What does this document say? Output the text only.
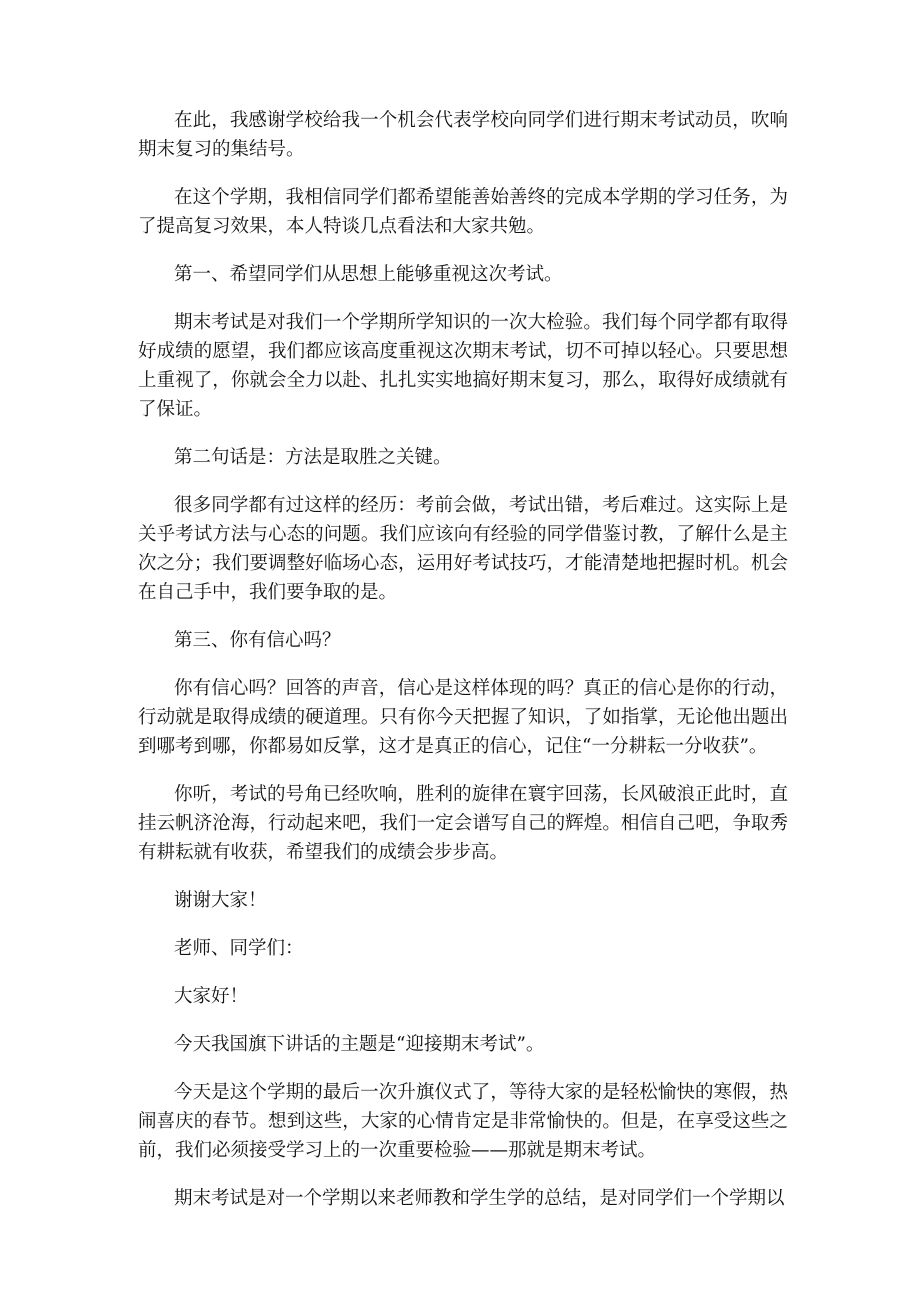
在此，我感谢学校给我一个机会代表学校向同学们进行期末考试动员，吹响期末复习的集结号。

在这个学期，我相信同学们都希望能善始善终的完成本学期的学习任务，为了提高复习效果，本人特谈几点看法和大家共勉。

第一、希望同学们从思想上能够重视这次考试。

期末考试是对我们一个学期所学知识的一次大检验。我们每个同学都有取得好成绩的愿望，我们都应该高度重视这次期末考试，切不可掉以轻心。只要思想上重视了，你就会全力以赴、扎扎实实地搞好期末复习，那么，取得好成绩就有了保证。

第二句话是：方法是取胜之关键。

很多同学都有过这样的经历：考前会做，考试出错，考后难过。这实际上是关乎考试方法与心态的问题。我们应该向有经验的同学借鉴讨教，了解什么是主次之分；我们要调整好临场心态，运用好考试技巧，才能清楚地把握时机。机会在自己手中，我们要争取的是。

第三、你有信心吗？

你有信心吗？回答的声音，信心是这样体现的吗？真正的信心是你的行动，行动就是取得成绩的硬道理。只有你今天把握了知识，了如指掌，无论他出题出到哪考到哪，你都易如反掌，这才是真正的信心，记住“一分耕耘一分收获”。

你听，考试的号角已经吹响，胜利的旋律在寰宇回荡，长风破浪正此时，直挂云帆济沧海，行动起来吧，我们一定会谱写自己的辉煌。相信自己吧，争取秀有耕耘就有收获，希望我们的成绩会步步高。

谢谢大家！

老师、同学们：

大家好！

今天我国旗下讲话的主题是“迎接期末考试”。

今天是这个学期的最后一次升旗仪式了，等待大家的是轻松愉快的寒假，热闹喜庆的春节。想到这些，大家的心情肯定是非常愉快的。但是，在享受这些之前，我们必须接受学习上的一次重要检验——那就是期末考试。

期末考试是对一个学期以来老师教和学生学的总结，是对同学们一个学期以
